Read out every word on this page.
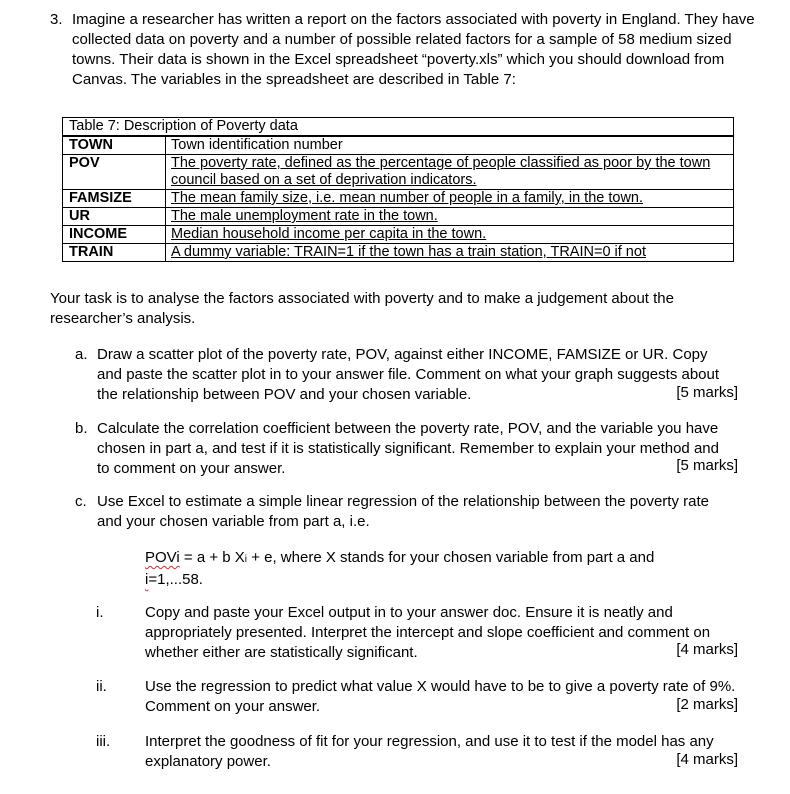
3. Imagine a researcher has written a report on the factors associated with poverty in England. They have collected data on poverty and a number of possible related factors for a sample of 58 medium sized towns. Their data is shown in the Excel spreadsheet “poverty.xls” which you should download from Canvas. The variables in the spreadsheet are described in Table 7:
Table 7: Description of Poverty data	
TOWN	Town identification number
POV	The poverty rate, defined as the percentage of people classified as poor by the town council based on a set of deprivation indicators.
FAMSIZE	The mean family size, i.e. mean number of people in a family, in the town.
UR	The male unemployment rate in the town.
INCOME	Median household income per capita in the town.
TRAIN	A dummy variable: TRAIN=1 if the town has a train station, TRAIN=0 if not
Your task is to analyse the factors associated with poverty and to make a judgement about the researcher’s analysis.
a. Draw a scatter plot of the poverty rate, POV, against either INCOME, FAMSIZE or UR. Copy and paste the scatter plot in to your answer file. Comment on what your graph suggests about the relationship between POV and your chosen variable.	[5 marks]
b. Calculate the correlation coefficient between the poverty rate, POV, and the variable you have chosen in part a, and test if it is statistically significant. Remember to explain your method and to comment on your answer.	[5 marks]
c. Use Excel to estimate a simple linear regression of the relationship between the poverty rate and your chosen variable from part a, i.e.
POVi = a + b Xi + e, where X stands for your chosen variable from part a and
i=1,...58.
i.	Copy and paste your Excel output in to your answer doc. Ensure it is neatly and appropriately presented. Interpret the intercept and slope coefficient and comment on whether either are statistically significant.	[4 marks]
ii.	Use the regression to predict what value X would have to be to give a poverty rate of 9%. Comment on your answer.	[2 marks]
iii. Interpret the goodness of fit for your regression, and use it to test if the model has any explanatory power.	[4 marks]
